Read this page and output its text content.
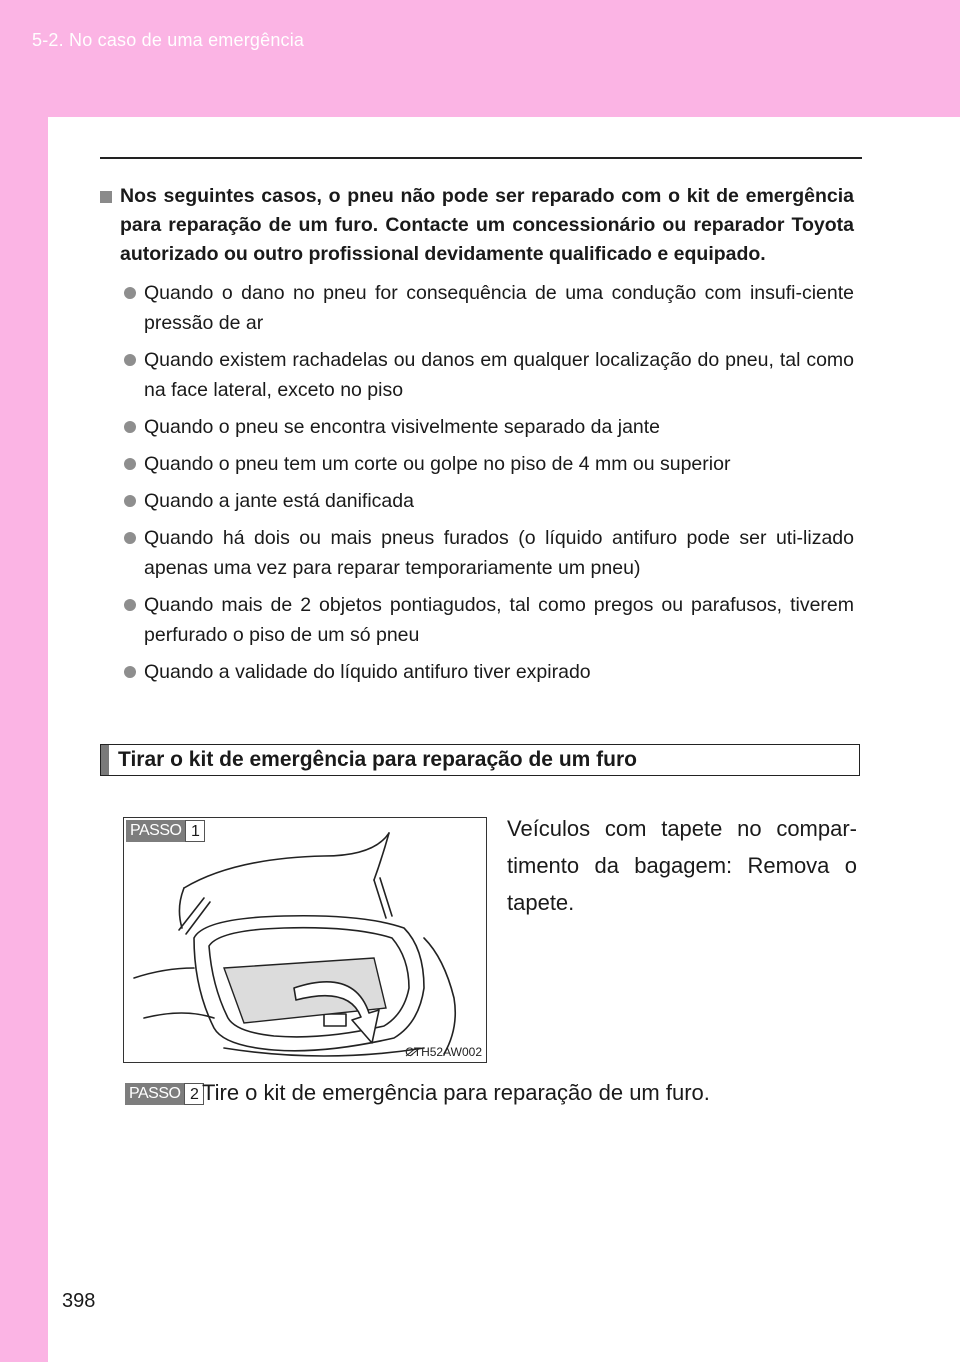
5-2. No caso de uma emergência
Nos seguintes casos, o pneu não pode ser reparado com o kit de emergência para reparação de um furo. Contacte um concessionário ou reparador Toyota autorizado ou outro profissional devidamente qualificado e equipado.
Quando o dano no pneu for consequência de uma condução com insufi-ciente pressão de ar
Quando existem rachadelas ou danos em qualquer localização do pneu, tal como na face lateral, exceto no piso
Quando o pneu se encontra visivelmente separado da jante
Quando o pneu tem um corte ou golpe no piso de 4 mm ou superior
Quando a jante está danificada
Quando há dois ou mais pneus furados (o líquido antifuro pode ser uti-lizado apenas uma vez para reparar temporariamente um pneu)
Quando mais de 2 objetos pontiagudos, tal como pregos ou parafusos, tiverem perfurado o piso de um só pneu
Quando a validade do líquido antifuro tiver expirado
Tirar o kit de emergência para reparação de um furo
PASSO 1
CTH52AW002
Veículos com tapete no compar-timento da bagagem: Remova o tapete.
PASSO 2 Tire o kit de emergência para reparação de um furo.
398
